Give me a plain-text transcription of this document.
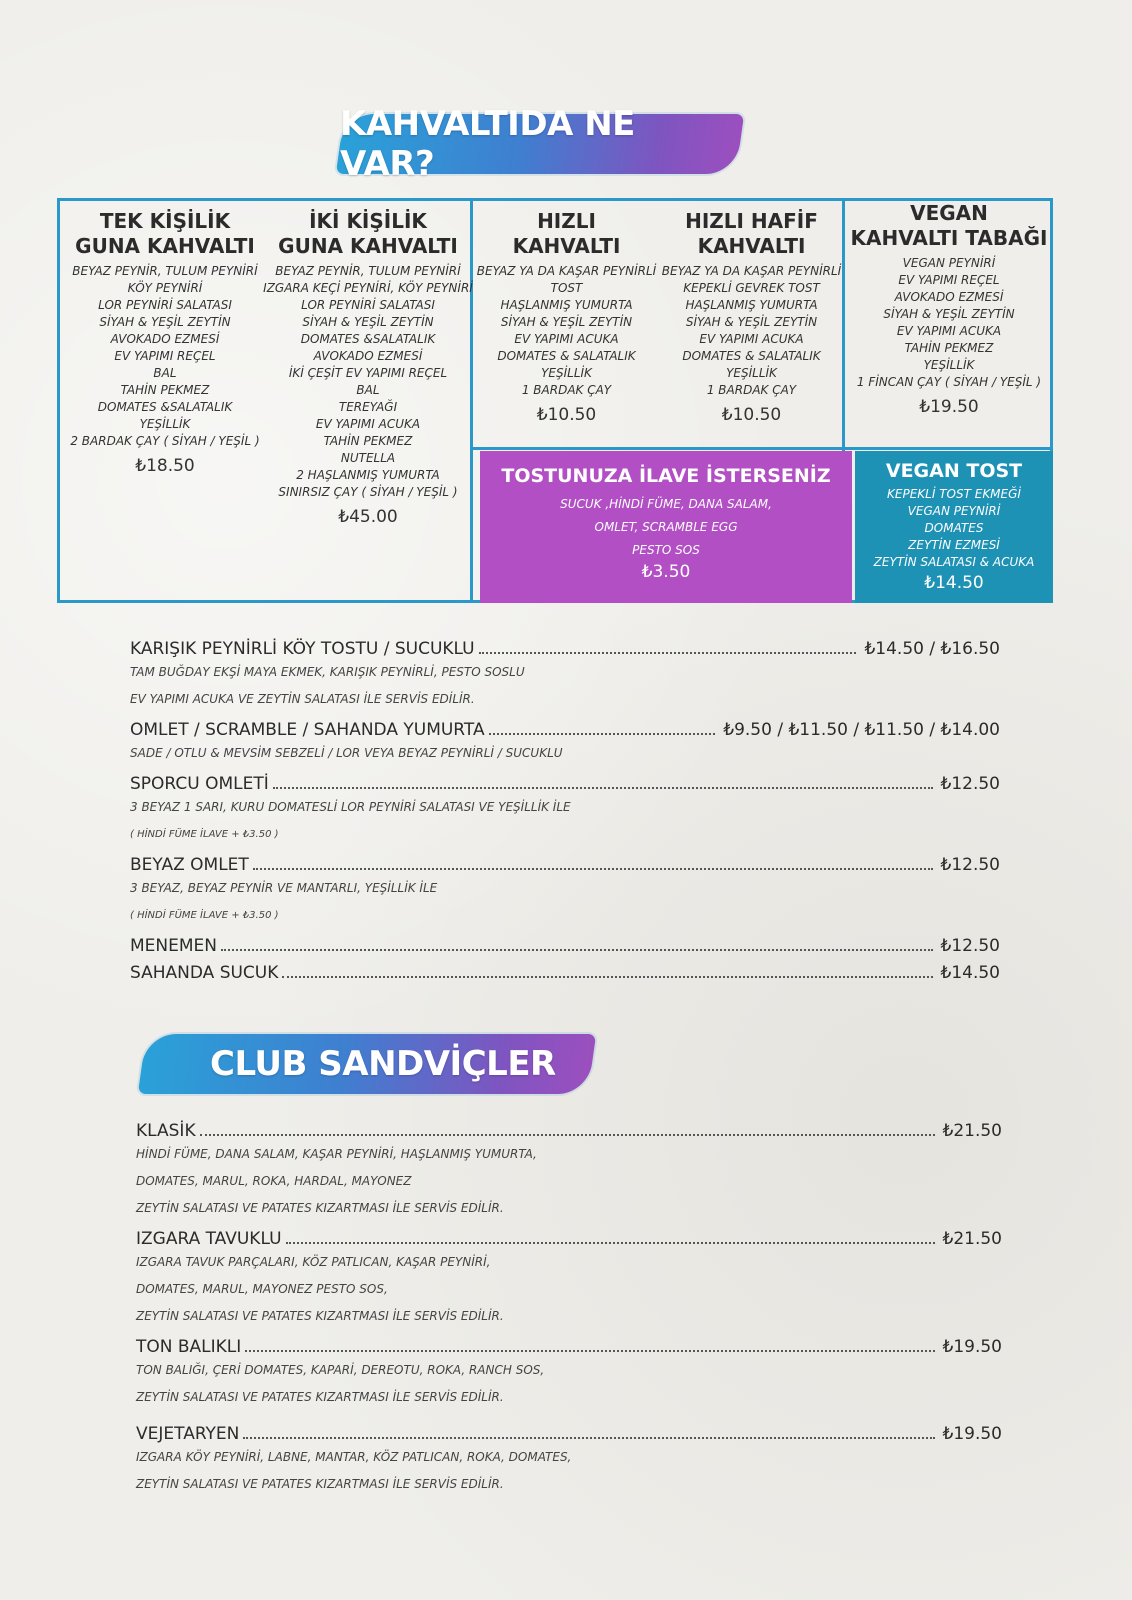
KAHVALTIDA NE VAR?
TEK KİŞİLİK
GUNA KAHVALTI
BEYAZ PEYNİR, TULUM PEYNİRİ
KÖY PEYNİRİ
LOR PEYNİRİ SALATASI
SİYAH & YEŞİL ZEYTİN
AVOKADO EZMESİ
EV YAPIMI REÇEL
BAL
TAHİN PEKMEZ
DOMATES &SALATALIK
YEŞİLLİK
2 BARDAK ÇAY ( SİYAH / YEŞİL )
₺18.50
İKİ KİŞİLİK
GUNA KAHVALTI
BEYAZ PEYNİR, TULUM PEYNİRİ
IZGARA KEÇİ PEYNİRİ, KÖY PEYNİRİ
LOR PEYNİRİ SALATASI
SİYAH & YEŞİL ZEYTİN
DOMATES &SALATALIK
AVOKADO EZMESİ
İKİ ÇEŞİT EV YAPIMI REÇEL
BAL
TEREYAĞI
EV YAPIMI ACUKA
TAHİN PEKMEZ
NUTELLA
2 HAŞLANMIŞ YUMURTA
SINIRSIZ ÇAY ( SİYAH / YEŞİL )
₺45.00
HIZLI
KAHVALTI
BEYAZ YA DA KAŞAR PEYNİRLİ
TOST
HAŞLANMIŞ YUMURTA
SİYAH & YEŞİL ZEYTİN
EV YAPIMI ACUKA
DOMATES & SALATALIK
YEŞİLLİK
1 BARDAK ÇAY
₺10.50
HIZLI HAFİF
KAHVALTI
BEYAZ YA DA KAŞAR PEYNİRLİ
KEPEKLİ GEVREK TOST
HAŞLANMIŞ YUMURTA
SİYAH & YEŞİL ZEYTİN
EV YAPIMI ACUKA
DOMATES & SALATALIK
YEŞİLLİK
1 BARDAK ÇAY
₺10.50
VEGAN
KAHVALTI TABAĞI
VEGAN PEYNİRİ
EV YAPIMI REÇEL
AVOKADO EZMESİ
SİYAH & YEŞİL ZEYTİN
EV YAPIMI ACUKA
TAHİN PEKMEZ
YEŞİLLİK
1 FİNCAN ÇAY ( SİYAH / YEŞİL )
₺19.50
TOSTUNUZA İLAVE İSTERSENİZ
SUCUK ,HİNDİ FÜME, DANA SALAM,
OMLET, SCRAMBLE EGG
PESTO SOS
₺3.50
VEGAN TOST
KEPEKLİ TOST EKMEĞİ
VEGAN PEYNİRİ
DOMATES
ZEYTİN EZMESİ
ZEYTİN SALATASI & ACUKA
₺14.50
KARIŞIK PEYNİRLİ KÖY TOSTU / SUCUKLU	₺14.50 / ₺16.50
TAM BUĞDAY EKŞİ MAYA EKMEK, KARIŞIK PEYNİRLİ, PESTO SOSLU
EV YAPIMI ACUKA VE ZEYTİN SALATASI İLE SERVİS EDİLİR.
OMLET / SCRAMBLE / SAHANDA YUMURTA	₺9.50 / ₺11.50 / ₺11.50 / ₺14.00
SADE / OTLU & MEVSİM SEBZELİ / LOR VEYA BEYAZ PEYNİRLİ / SUCUKLU
SPORCU OMLETİ	₺12.50
3 BEYAZ 1 SARI, KURU DOMATESLİ LOR PEYNİRİ SALATASI VE YEŞİLLİK İLE
( HİNDİ FÜME İLAVE + ₺3.50 )
BEYAZ OMLET	₺12.50
3 BEYAZ, BEYAZ PEYNİR VE MANTARLI, YEŞİLLİK İLE
( HİNDİ FÜME İLAVE + ₺3.50 )
MENEMEN	₺12.50
SAHANDA SUCUK	₺14.50
CLUB SANDVİÇLER
KLASİK	₺21.50
HİNDİ FÜME, DANA SALAM, KAŞAR PEYNİRİ, HAŞLANMIŞ YUMURTA,
DOMATES, MARUL, ROKA, HARDAL, MAYONEZ
ZEYTİN SALATASI VE PATATES KIZARTMASI İLE SERVİS EDİLİR.
IZGARA TAVUKLU	₺21.50
IZGARA TAVUK PARÇALARI, KÖZ PATLICAN, KAŞAR PEYNİRİ,
DOMATES, MARUL, MAYONEZ PESTO SOS,
ZEYTİN SALATASI VE PATATES KIZARTMASI İLE SERVİS EDİLİR.
TON BALIKLI	₺19.50
TON BALIĞI, ÇERİ DOMATES, KAPARİ, DEREOTU, ROKA, RANCH SOS,
ZEYTİN SALATASI VE PATATES KIZARTMASI İLE SERVİS EDİLİR.
VEJETARYEN	₺19.50
IZGARA KÖY PEYNİRİ, LABNE, MANTAR, KÖZ PATLICAN, ROKA, DOMATES,
ZEYTİN SALATASI VE PATATES KIZARTMASI İLE SERVİS EDİLİR.
